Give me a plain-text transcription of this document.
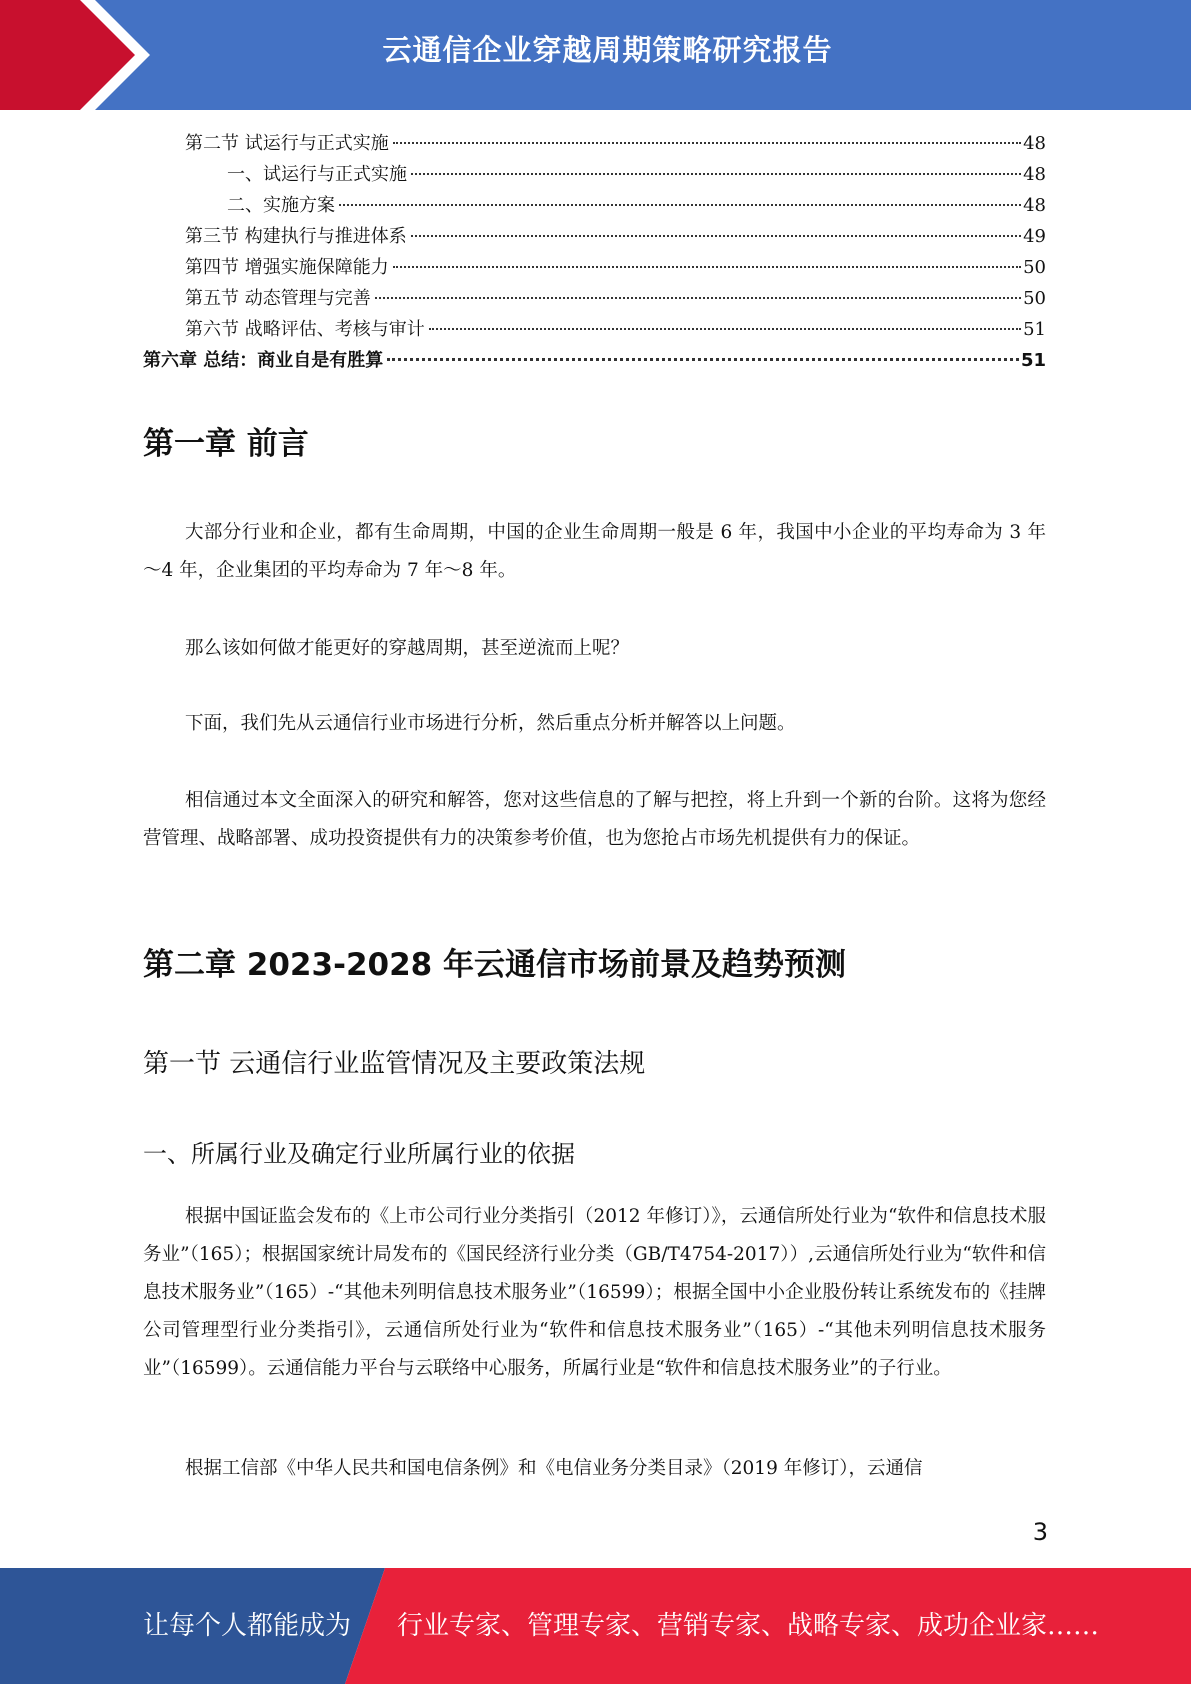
云通信企业穿越周期策略研究报告
第二节 试运行与正式实施	48
一、试运行与正式实施	48
二、实施方案	48
第三节 构建执行与推进体系	49
第四节 增强实施保障能力	50
第五节 动态管理与完善	50
第六节 战略评估、考核与审计	51
第六章 总结：商业自是有胜算	51
第一章 前言

大部分行业和企业，都有生命周期，中国的企业生命周期一般是 6 年，我国中小企业的平均寿命为 3 年～4 年，企业集团的平均寿命为 7 年～8 年。

那么该如何做才能更好的穿越周期，甚至逆流而上呢？

下面，我们先从云通信行业市场进行分析，然后重点分析并解答以上问题。

相信通过本文全面深入的研究和解答，您对这些信息的了解与把控，将上升到一个新的台阶。这将为您经营管理、战略部署、成功投资提供有力的决策参考价值，也为您抢占市场先机提供有力的保证。

第二章 2023-2028 年云通信市场前景及趋势预测
第一节 云通信行业监管情况及主要政策法规
一、所属行业及确定行业所属行业的依据

根据中国证监会发布的《上市公司行业分类指引（2012 年修订）》，云通信所处行业为“软件和信息技术服务业”（165）；根据国家统计局发布的《国民经济行业分类（GB/T4754-2017））,云通信所处行业为“软件和信息技术服务业”（165）-“其他未列明信息技术服务业”（16599）；根据全国中小企业股份转让系统发布的《挂牌公司管理型行业分类指引》，云通信所处行业为“软件和信息技术服务业”（165）-“其他未列明信息技术服务业”（16599）。云通信能力平台与云联络中心服务，所属行业是“软件和信息技术服务业”的子行业。

根据工信部《中华人民共和国电信条例》和《电信业务分类目录》（2019 年修订），云通信

3
让每个人都能成为 行业专家、管理专家、营销专家、战略专家、成功企业家……
